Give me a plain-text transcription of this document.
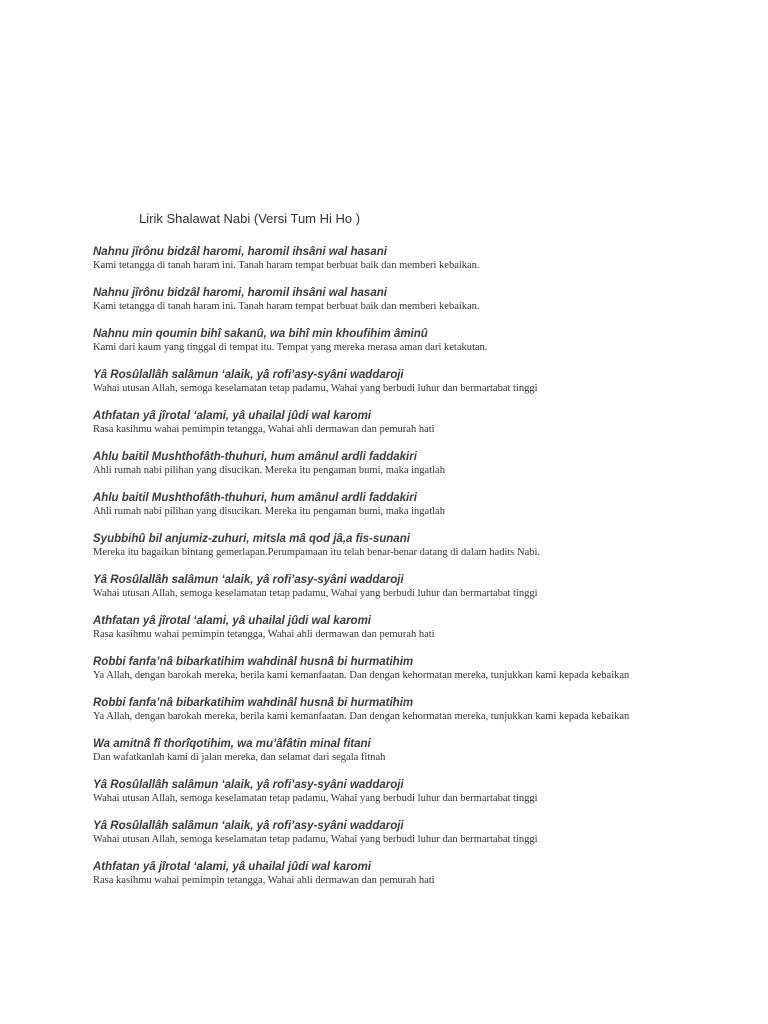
Lirik Shalawat Nabi (Versi Tum Hi Ho )
Nahnu jîrônu bidzâl haromi, haromil ihsâni wal hasani
Kami tetangga di tanah haram ini. Tanah haram tempat berbuat baik dan memberi kebaikan.
Nahnu jîrônu bidzâl haromi, haromil ihsâni wal hasani
Kami tetangga di tanah haram ini. Tanah haram tempat berbuat baik dan memberi kebaikan.
Nahnu min qoumin bihî sakanû, wa bihî min khoufihim âminû
Kami dari kaum yang tinggal di tempat itu. Tempat yang mereka merasa aman dari ketakutan.
Yâ Rosûlallâh salâmun ‘alaik, yâ rofi’asy-syâni waddaroji
Wahai utusan Allah, semoga keselamatan tetap padamu, Wahai yang berbudi luhur dan bermartabat tinggi
Athfatan yâ jîrotal ‘alami, yâ uhailal jûdi wal karomi
Rasa kasihmu wahai pemimpin tetangga, Wahai ahli dermawan dan pemurah hati
Ahlu baitil Mushthofâth-thuhuri, hum amânul ardli faddakiri
Ahli rumah nabi pilihan yang disucikan. Mereka itu pengaman bumi, maka ingatlah
Ahlu baitil Mushthofâth-thuhuri, hum amânul ardli faddakiri
Ahli rumah nabi pilihan yang disucikan. Mereka itu pengaman bumi, maka ingatlah
Syubbihû bil anjumiz-zuhuri, mitsla mâ qod jâ,a fis-sunani
Mereka itu bagaikan bintang gemerlapan.Perumpamaan itu telah benar-benar datang di dalam hadits Nabi.
Yâ Rosûlallâh salâmun ‘alaik, yâ rofi’asy-syâni waddaroji
Wahai utusan Allah, semoga keselamatan tetap padamu, Wahai yang berbudi luhur dan bermartabat tinggi
Athfatan yâ jîrotal ‘alami, yâ uhailal jûdi wal karomi
Rasa kasihmu wahai pemimpin tetangga, Wahai ahli dermawan dan pemurah hati
Robbi fanfa’nâ bibarkatihim wahdinâl husnâ bi hurmatihim
Ya Allah, dengan barokah mereka, berila kami kemanfaatan. Dan dengan kehormatan mereka, tunjukkan kami kepada kebaikan
Robbi fanfa’nâ bibarkatihim wahdinâl husnâ bi hurmatihim
Ya Allah, dengan barokah mereka, berila kami kemanfaatan. Dan dengan kehormatan mereka, tunjukkan kami kepada kebaikan
Wa amitnâ fî thorîqotihim, wa mu’âfâtin minal fitani
Dan wafatkanlah kami di jalan mereka, dan selamat dari segala fitnah
Yâ Rosûlallâh salâmun ‘alaik, yâ rofi’asy-syâni waddaroji
Wahai utusan Allah, semoga keselamatan tetap padamu, Wahai yang berbudi luhur dan bermartabat tinggi
Yâ Rosûlallâh salâmun ‘alaik, yâ rofi’asy-syâni waddaroji
Wahai utusan Allah, semoga keselamatan tetap padamu, Wahai yang berbudi luhur dan bermartabat tinggi
Athfatan yâ jîrotal ‘alami, yâ uhailal jûdi wal karomi
Rasa kasihmu wahai pemimpin tetangga, Wahai ahli dermawan dan pemurah hati
